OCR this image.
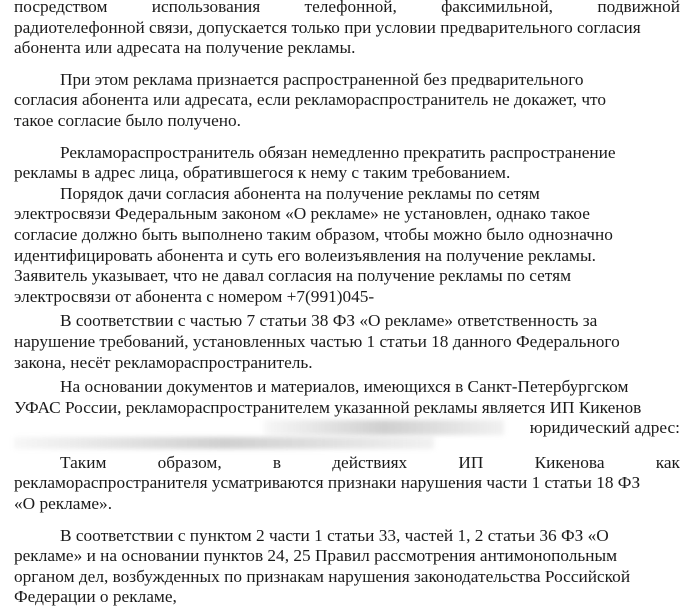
посредством	использования	телефонной,	факсимильной,	подвижной
радиотелефонной связи, допускается только при условии предварительного согласия
абонента или адресата на получение рекламы.
При этом реклама признается распространенной без предварительного
согласия абонента или адресата, если рекламораспространитель не докажет, что
такое согласие было получено.
Рекламораспространитель обязан немедленно прекратить распространение
рекламы в адрес лица, обратившегося к нему с таким требованием.
Порядок дачи согласия абонента на получение рекламы по сетям
электросвязи Федеральным законом «О рекламе» не установлен, однако такое
согласие должно быть выполнено таким образом, чтобы можно было однозначно
идентифицировать абонента и суть его волеизъявления на получение рекламы.
Заявитель указывает, что не давал согласия на получение рекламы по сетям
электросвязи от абонента с номером +7(991)045-
В соответствии с частью 7 статьи 38 ФЗ «О рекламе» ответственность за
нарушение требований, установленных частью 1 статьи 18 данного Федерального
закона, несёт рекламораспространитель.
На основании документов и материалов, имеющихся в Санкт-Петербургском
УФАС России, рекламораспространителем указанной рекламы является ИП Кикенов
юридический адрес:
Таким	образом,	в	действиях	ИП	Кикенова	как
рекламораспространителя усматриваются признаки нарушения части 1 статьи 18 ФЗ
«О рекламе».
В соответствии с пунктом 2 части 1 статьи 33, частей 1, 2 статьи 36 ФЗ «О
рекламе» и на основании пунктов 24, 25 Правил рассмотрения антимонопольным
органом дел, возбужденных по признакам нарушения законодательства Российской
Федерации о рекламе,
